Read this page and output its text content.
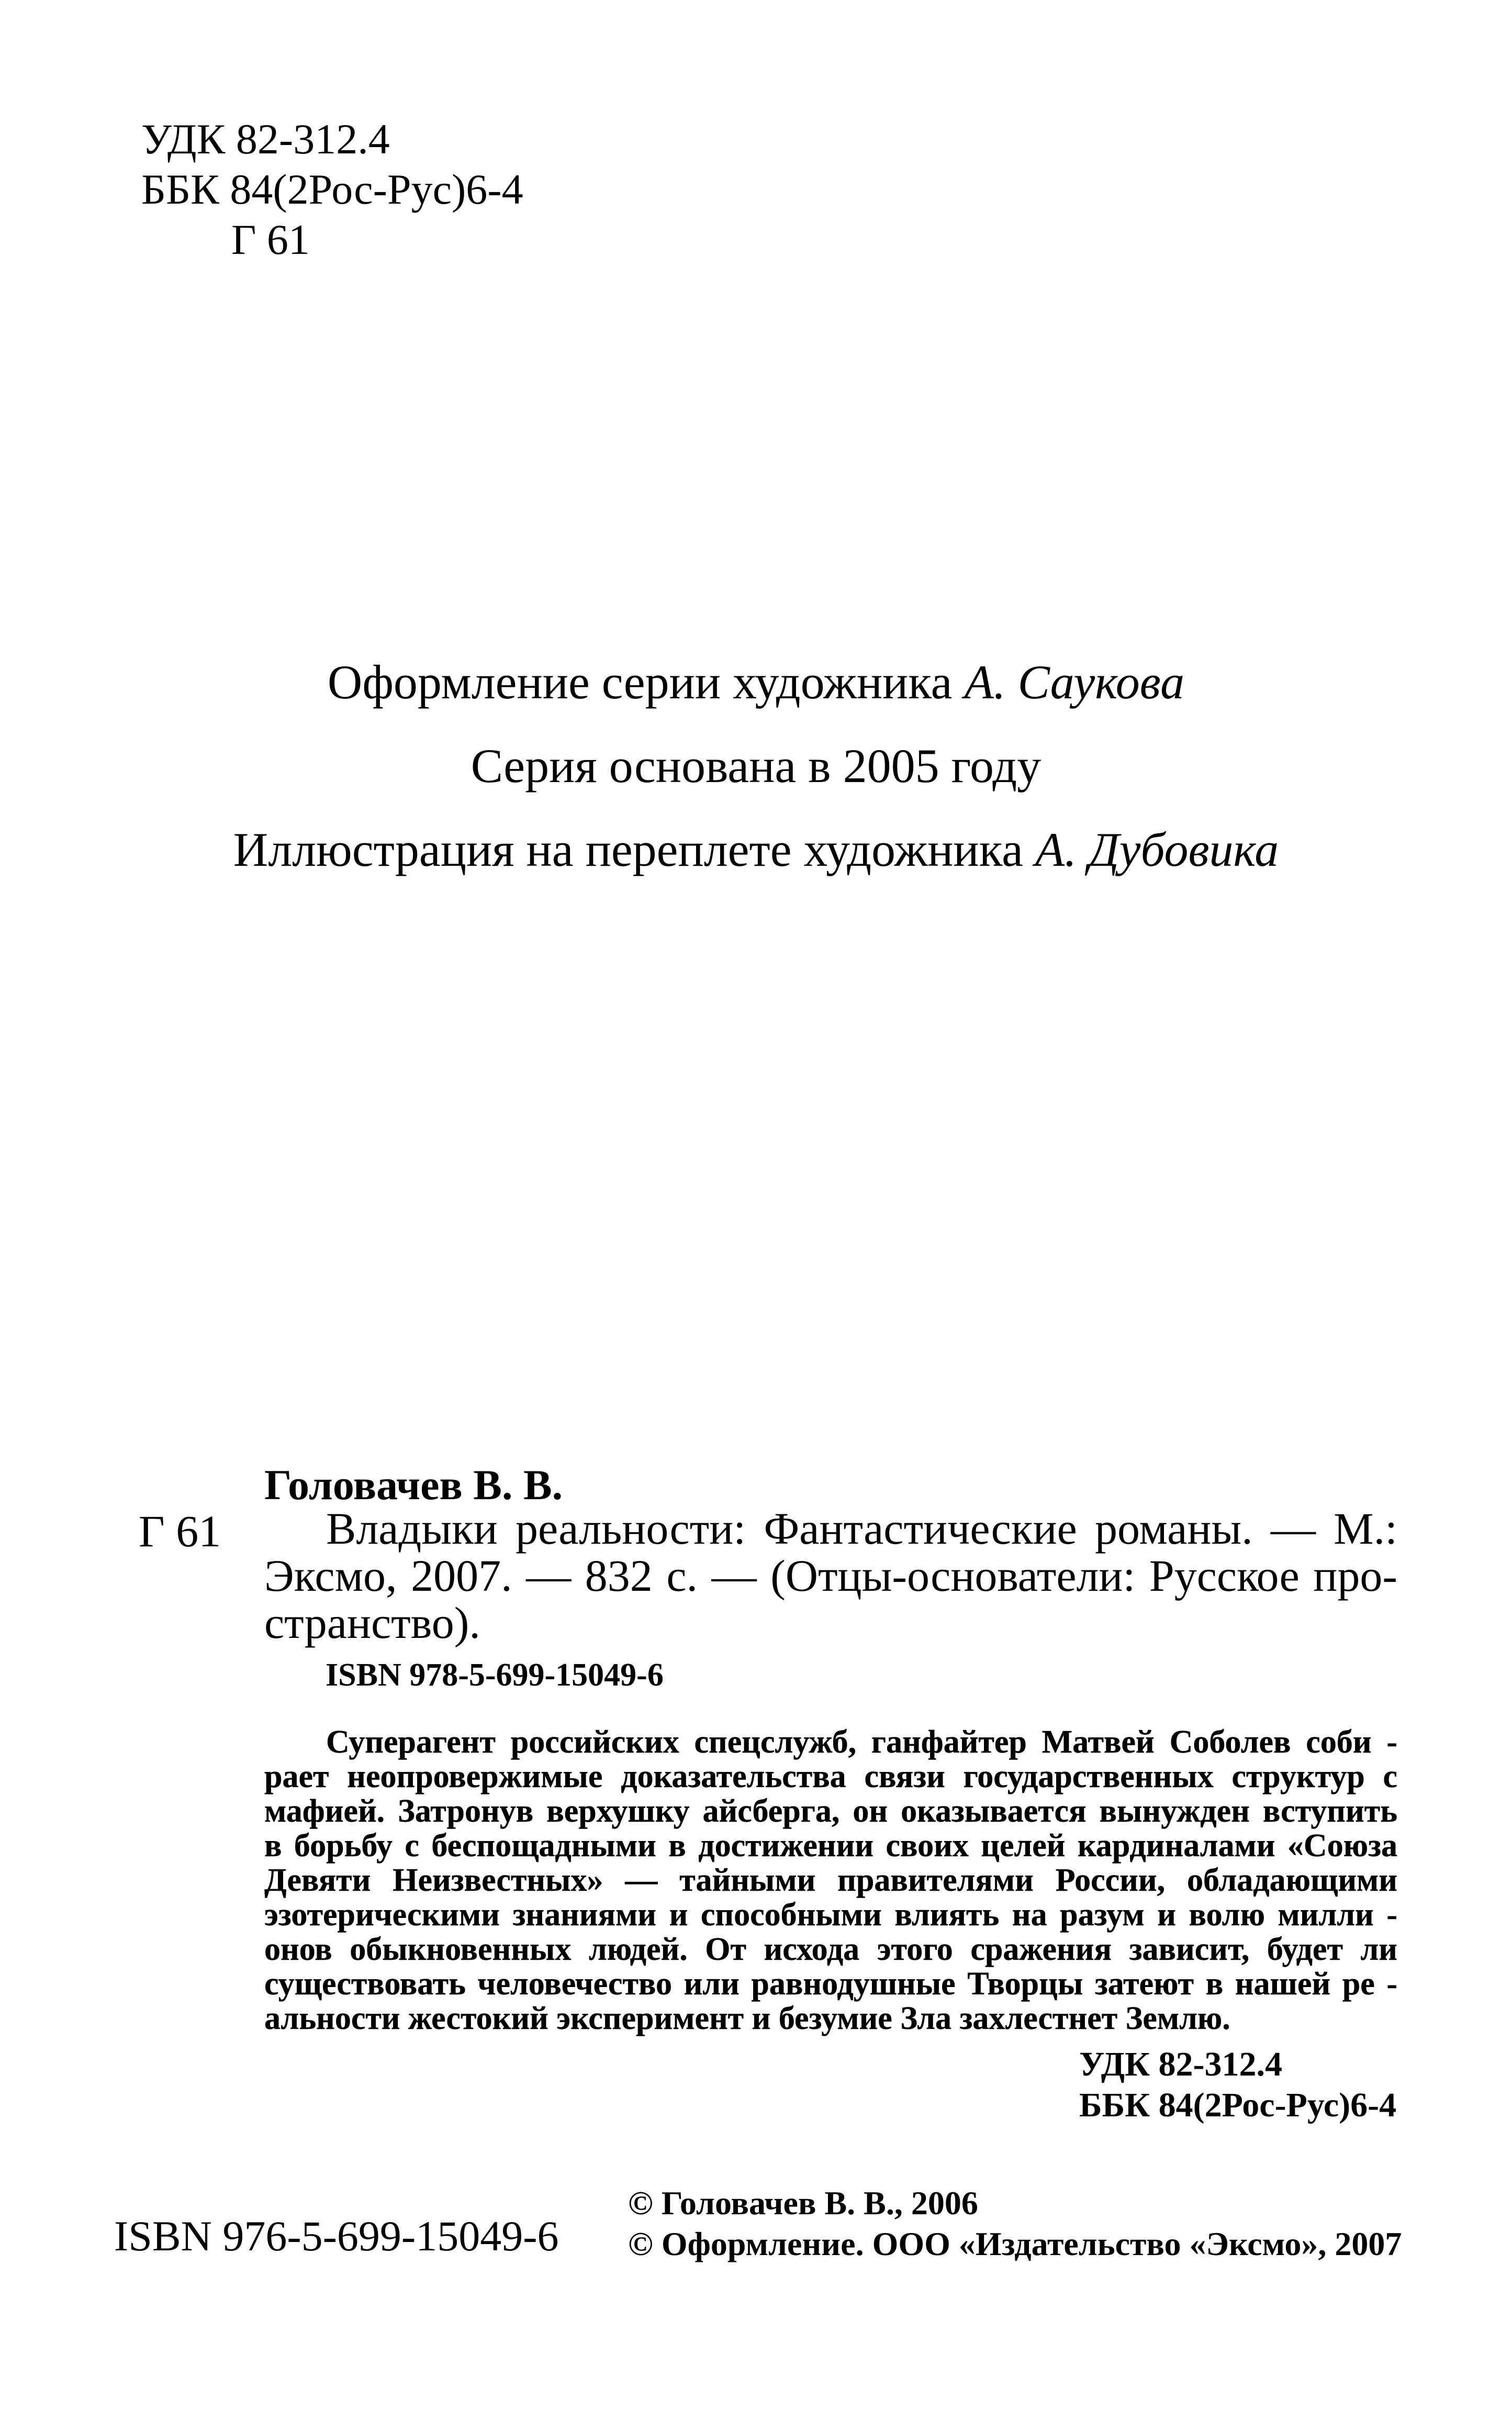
УДК 82-312.4
ББК 84(2Рос-Рус)6-4
Г 61
Оформление серии художника А. Саукова
Серия основана в 2005 году
Иллюстрация на переплете художника А. Дубовика
Головачев В. В.
Г 61	Владыки реальности: Фантастические романы. — М.:
Эксмо, 2007. — 832 с. — (Отцы-основатели: Русское про-
странство).
ISBN 978-5-699-15049-6
Суперагент российских спецслужб, ганфайтер Матвей Соболев соби -
рает неопровержимые доказательства связи государственных структур с
мафией. Затронув верхушку айсберга, он оказывается вынужден вступить
в борьбу с беспощадными в достижении своих целей кардиналами «Союза
Девяти Неизвестных» — тайными правителями России, обладающими
эзотерическими знаниями и способными влиять на разум и волю милли -
онов обыкновенных людей. От исхода этого сражения зависит, будет ли
существовать человечество или равнодушные Творцы затеют в нашей ре -
альности жестокий эксперимент и безумие Зла захлестнет Землю.
УДК 82-312.4
ББК 84(2Рос-Рус)6-4
ISBN 976-5-699-15049-6
© Головачев В. В., 2006
© Оформление. ООО «Издательство «Эксмо», 2007
